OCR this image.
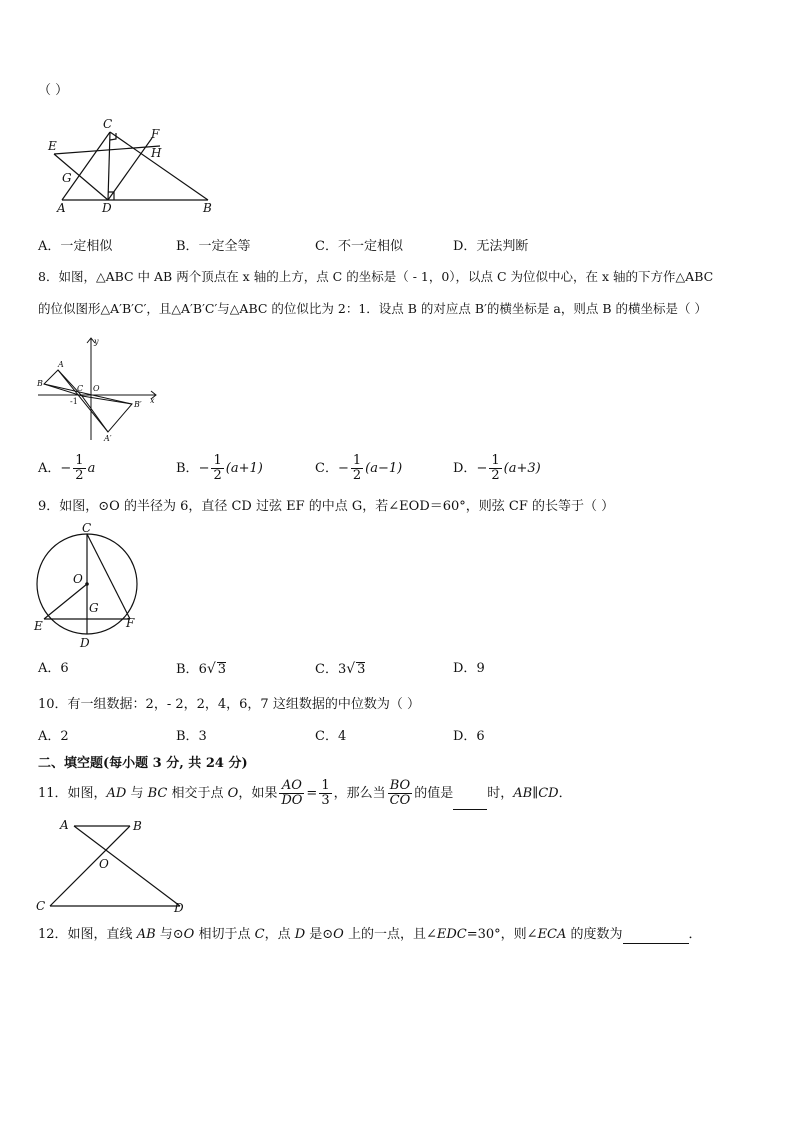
（ ）
C
F
E	H
G
A	D	B
A．一定相似	B．一定全等	C．不一定相似	D．无法判断
8．如图，△ABC 中 AB 两个顶点在 x 轴的上方，点 C 的坐标是（ - 1，0），以点 C 为位似中心，在 x 轴的下方作△ABC
的位似图形△A′B′C′，且△A′B′C′与△ABC 的位似比为 2：1．设点 B 的对应点 B′的横坐标是 a，则点 B 的横坐标是（ ）
y
A
B
C O
-1	x
B′
A′
A．− $\frac{1}{2}$ a	B．− $\frac{1}{2} (a+1)$	C．− $\frac{1}{2} (a-1)$	D．− $\frac{1}{2} (a+3)$
9．如图，⊙O 的半径为 6，直径 CD 过弦 EF 的中点 G，若∠EOD＝60°，则弦 CF 的长等于（ ）
C
O
G
E	F
D
A．6	B．6√ 3	C．3√ 3	D．9
10．有一组数据：2，- 2，2，4，6，7 这组数据的中位数为（ ）
A．2	B．3	C．4	D．6
二、填空题(每小题 3 分, 共 24 分)
11．如图，AD 与 BC 相交于点 O，如果 $\frac{AO}{DO} = \frac{1}{3}$ ，那么当 $\frac{BO}{CO}$ 的值是	时，AB∥CD．
A	B
O
C	D
12．如图，直线 AB 与⊙O 相切于点 C，点 D 是⊙O 上的一点，且∠EDC=30°，则∠ECA 的度数为	．
